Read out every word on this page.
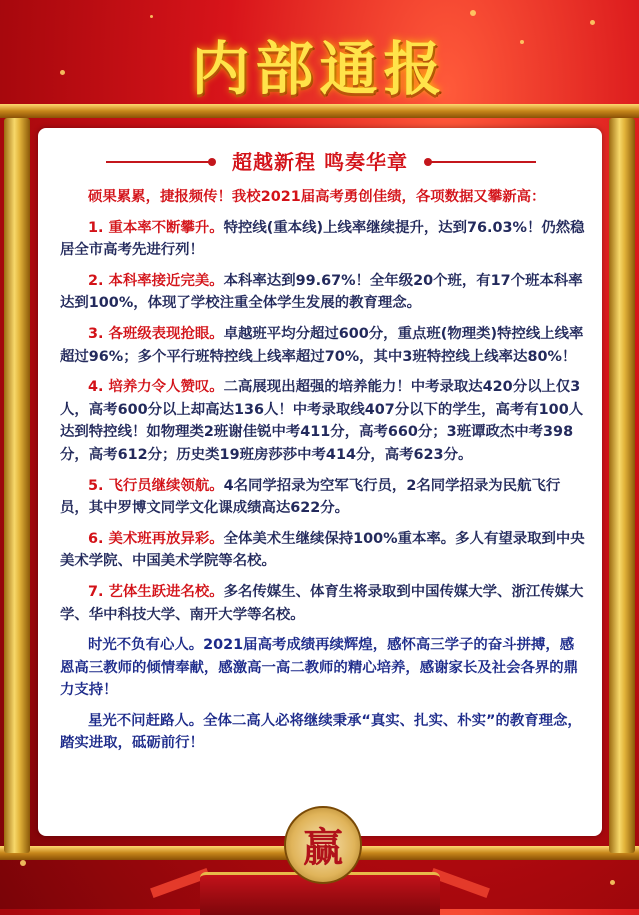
内部通报
超越新程 鸣奏华章

硕果累累，捷报频传！我校2021届高考勇创佳绩，各项数据又攀新高：

1. 重本率不断攀升。特控线(重本线)上线率继续提升，达到76.03%！仍然稳居全市高考先进行列！

2. 本科率接近完美。本科率达到99.67%！全年级20个班，有17个班本科率达到100%，体现了学校注重全体学生发展的教育理念。

3. 各班级表现抢眼。卓越班平均分超过600分，重点班(物理类)特控线上线率超过96%；多个平行班特控线上线率超过70%，其中3班特控线上线率达80%！

4. 培养力令人赞叹。二高展现出超强的培养能力！中考录取达420分以上仅3人，高考600分以上却高达136人！中考录取线407分以下的学生，高考有100人达到特控线！如物理类2班谢佳锐中考411分，高考660分；3班谭政杰中考398分，高考612分；历史类19班房莎莎中考414分，高考623分。

5. 飞行员继续领航。4名同学招录为空军飞行员，2名同学招录为民航飞行员，其中罗博文同学文化课成绩高达622分。

6. 美术班再放异彩。全体美术生继续保持100%重本率。多人有望录取到中央美术学院、中国美术学院等名校。

7. 艺体生跃进名校。多名传媒生、体育生将录取到中国传媒大学、浙江传媒大学、华中科技大学、南开大学等名校。

时光不负有心人。2021届高考成绩再续辉煌，感怀高三学子的奋斗拼搏，感恩高三教师的倾情奉献，感激高一高二教师的精心培养，感谢家长及社会各界的鼎力支持！

星光不问赶路人。全体二高人必将继续秉承“真实、扎实、朴实”的教育理念，踏实进取，砥砺前行！

赢
